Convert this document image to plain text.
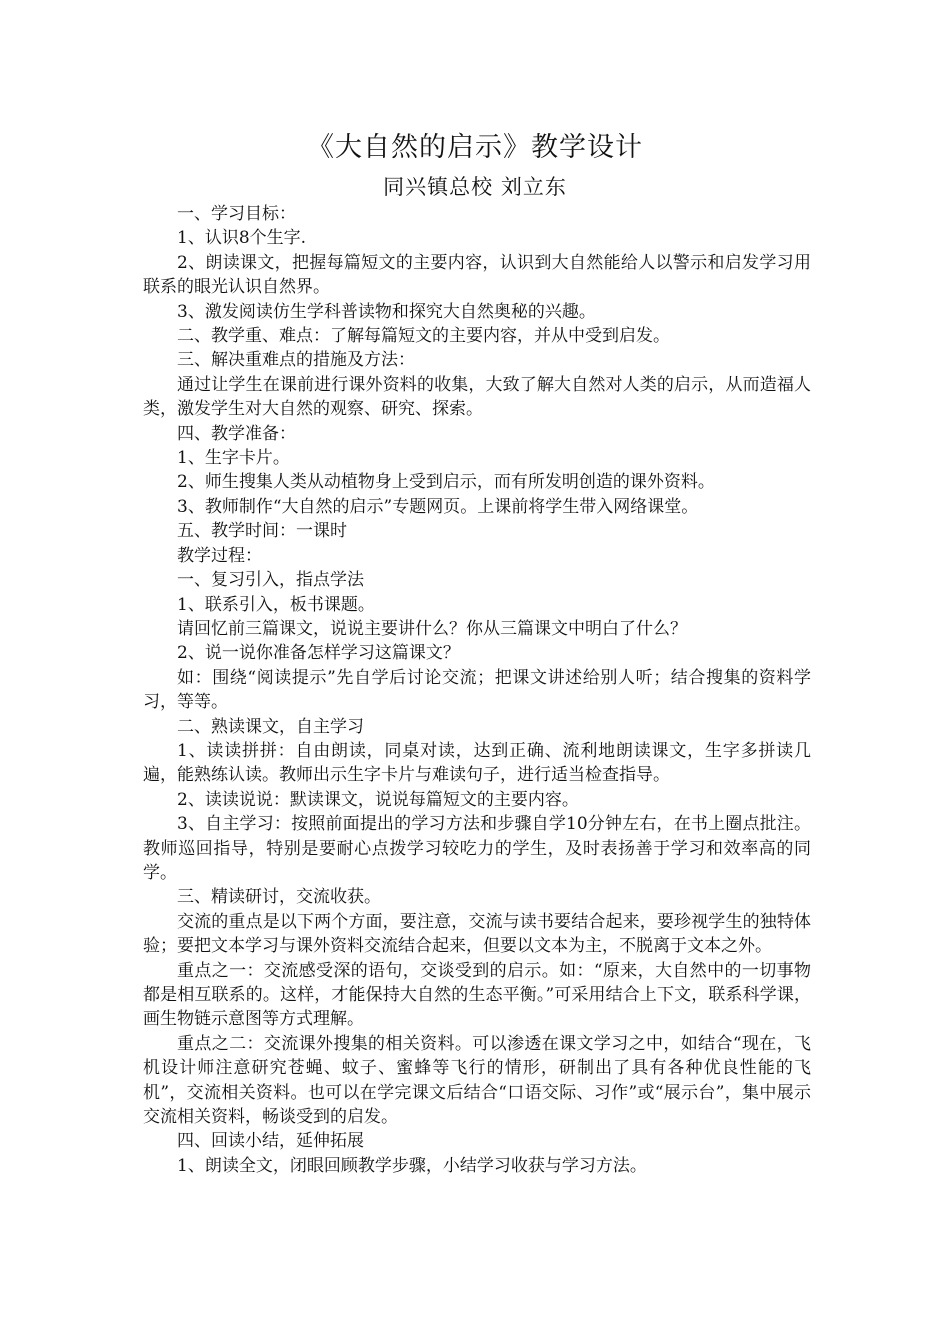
《大自然的启示》教学设计
同兴镇总校 刘立东

一、学习目标：

1、认识8个生字.

2、朗读课文，把握每篇短文的主要内容，认识到大自然能给人以警示和启发学习用联系的眼光认识自然界。

3、激发阅读仿生学科普读物和探究大自然奥秘的兴趣。

二、教学重、难点：了解每篇短文的主要内容，并从中受到启发。

三、解决重难点的措施及方法：

通过让学生在课前进行课外资料的收集，大致了解大自然对人类的启示，从而造福人类，激发学生对大自然的观察、研究、探索。

四、教学准备：

1、生字卡片。

2、师生搜集人类从动植物身上受到启示，而有所发明创造的课外资料。

3、教师制作“大自然的启示”专题网页。上课前将学生带入网络课堂。

五、教学时间：一课时

教学过程：

一、复习引入，指点学法

1、联系引入，板书课题。

请回忆前三篇课文，说说主要讲什么？你从三篇课文中明白了什么？

2、说一说你准备怎样学习这篇课文？

如：围绕“阅读提示”先自学后讨论交流；把课文讲述给别人听；结合搜集的资料学习，等等。

二、熟读课文，自主学习

1、读读拼拼：自由朗读，同桌对读，达到正确、流利地朗读课文，生字多拼读几遍，能熟练认读。教师出示生字卡片与难读句子，进行适当检查指导。

2、读读说说：默读课文，说说每篇短文的主要内容。

3、自主学习：按照前面提出的学习方法和步骤自学10分钟左右，在书上圈点批注。教师巡回指导，特别是要耐心点拨学习较吃力的学生，及时表扬善于学习和效率高的同学。

三、精读研讨，交流收获。

交流的重点是以下两个方面，要注意，交流与读书要结合起来，要珍视学生的独特体验；要把文本学习与课外资料交流结合起来，但要以文本为主，不脱离于文本之外。

重点之一：交流感受深的语句，交谈受到的启示。如：“原来，大自然中的一切事物都是相互联系的。这样，才能保持大自然的生态平衡。”可采用结合上下文，联系科学课，画生物链示意图等方式理解。

重点之二：交流课外搜集的相关资料。可以渗透在课文学习之中，如结合“现在，飞机设计师注意研究苍蝇、蚊子、蜜蜂等飞行的情形，研制出了具有各种优良性能的飞机”，交流相关资料。也可以在学完课文后结合“口语交际、习作”或“展示台”，集中展示交流相关资料，畅谈受到的启发。

四、回读小结，延伸拓展

1、朗读全文，闭眼回顾教学步骤，小结学习收获与学习方法。
